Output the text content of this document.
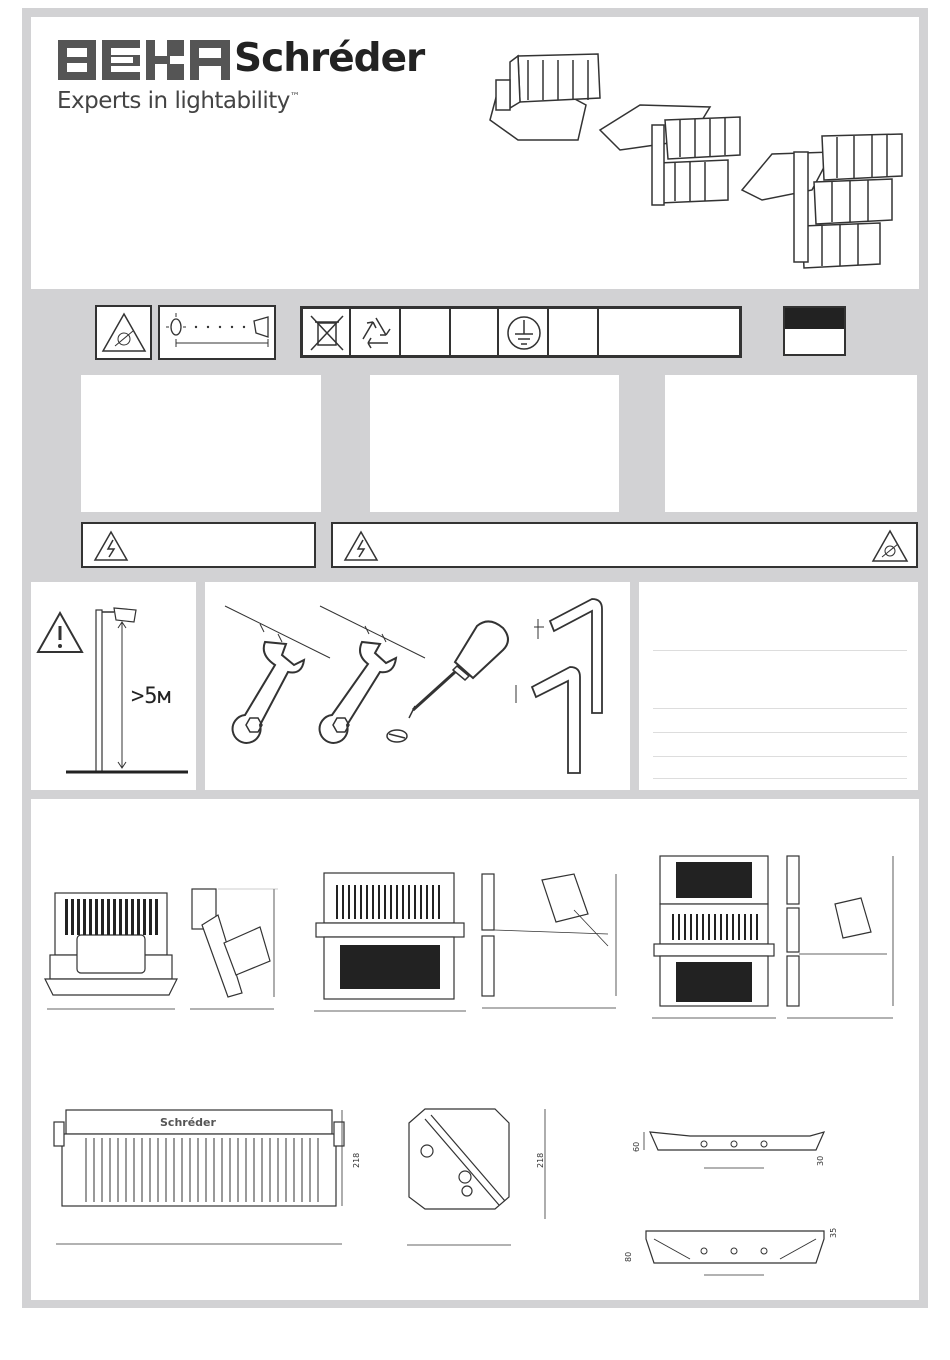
Schréder
Experts in lightability™
>5м
218
Schréder
218
60
30
80
35
